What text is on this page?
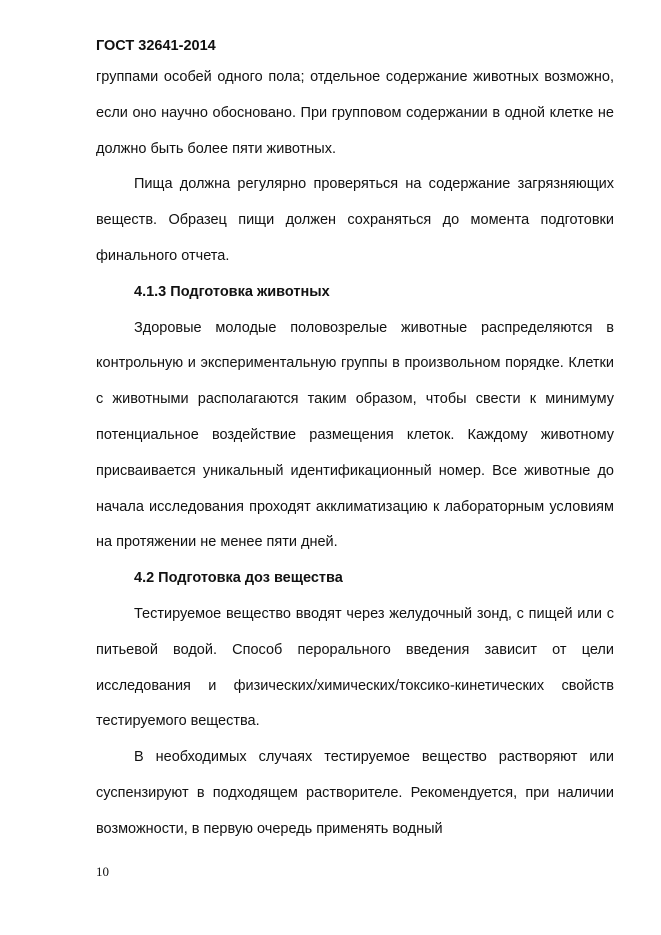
ГОСТ 32641-2014

группами особей одного пола; отдельное содержание животных возможно, если оно научно обосновано. При групповом содержании в одной клетке не должно быть более пяти животных.

Пища должна регулярно проверяться на содержание загрязняющих веществ. Образец пищи должен сохраняться до момента подготовки финального отчета.

4.1.3 Подготовка животных

Здоровые молодые половозрелые животные распределяются в контрольную и экспериментальную группы в произвольном порядке. Клетки с животными располагаются таким образом, чтобы свести к минимуму потенциальное воздействие размещения клеток. Каждому животному присваивается уникальный идентификационный номер. Все животные до начала исследования проходят акклиматизацию к лабораторным условиям на протяжении не менее пяти дней.

4.2 Подготовка доз вещества

Тестируемое вещество вводят через желудочный зонд, с пищей или с питьевой водой. Способ перорального введения зависит от цели исследования и физических/химических/токсико-кинетических свойств тестируемого вещества.

В необходимых случаях тестируемое вещество растворяют или суспензируют в подходящем растворителе. Рекомендуется, при наличии возможности, в первую очередь применять водный

10
